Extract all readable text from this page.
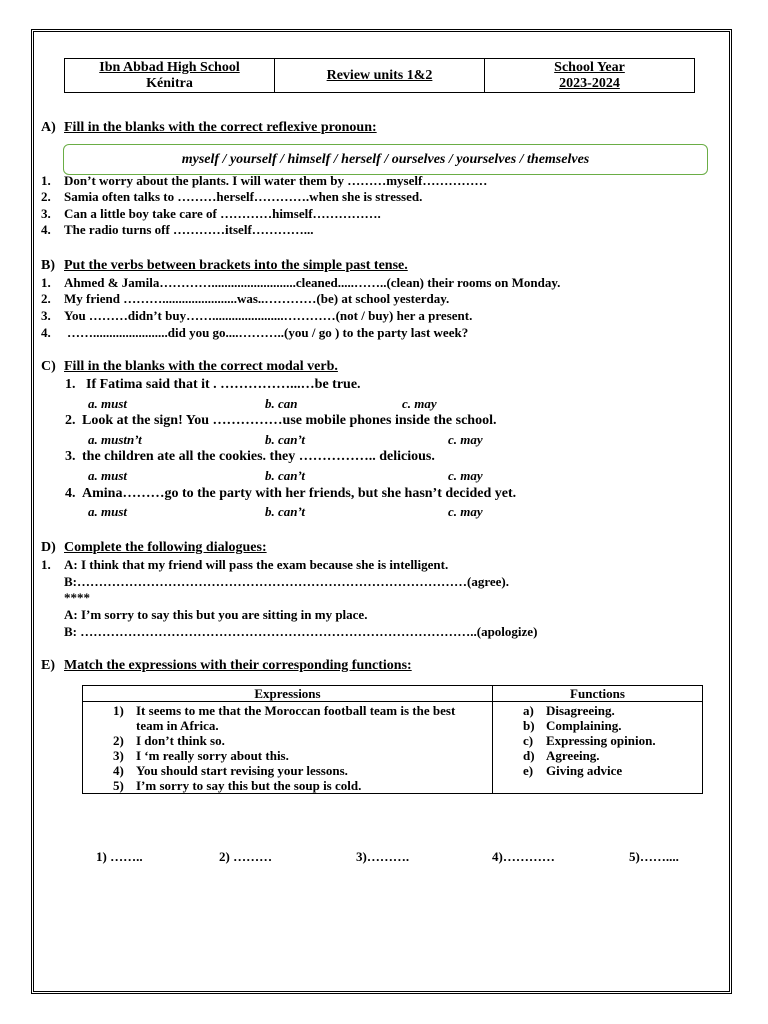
Ibn Abbad High School
Kénitra
Review units 1&2
School Year
2023-2024
A) Fill in the blanks with the correct reflexive pronoun:
myself / yourself / himself / herself / ourselves / yourselves / themselves
1. Don’t worry about the plants. I will water them by ………myself……………
2. Samia often talks to ………herself………….when she is stressed.
3. Can a little boy take care of …………himself…………….
4. The radio turns off …………itself…………...
B) Put the verbs between brackets into the simple past tense.
1. Ahmed & Jamila…………..........................cleaned.....……..(clean) their rooms on Monday.
2. My friend ……….......................was..…………(be) at school yesterday.
3. You ………didn’t buy……......................…………(not / buy) her a present.
4. …….......................did you go....………..(you / go ) to the party last week?
C) Fill in the blanks with the correct modal verb.
1. If Fatima said that it . ……………...…be true.
a. must	b. can	c. may
2. Look at the sign! You ……………use mobile phones inside the school.
a. mustn’t	b. can’t	c. may
3. the children ate all the cookies. they …………….. delicious.
a. must	b. can’t	c. may
4. Amina………go to the party with her friends, but she hasn’t decided yet.
a. must	b. can’t	c. may
D) Complete the following dialogues:
1. A: I think that my friend will pass the exam because she is intelligent.
B:………………………………………………………………………………(agree).
****
A: I’m sorry to say this but you are sitting in my place.
B: ………………………………………………………………………………..(apologize)
E) Match the expressions with their corresponding functions:
Expressions
1) It seems to me that the Moroccan football team is the best
team in Africa.
2) I don’t think so.
3) I ‘m really sorry about this.
4) You should start revising your lessons.
5) I’m sorry to say this but the soup is cold.
Functions
a) Disagreeing.
b) Complaining.
c) Expressing opinion.
d) Agreeing.
e) Giving advice
1) ……..	2) ………	3)……….	4)…………	5)……....
